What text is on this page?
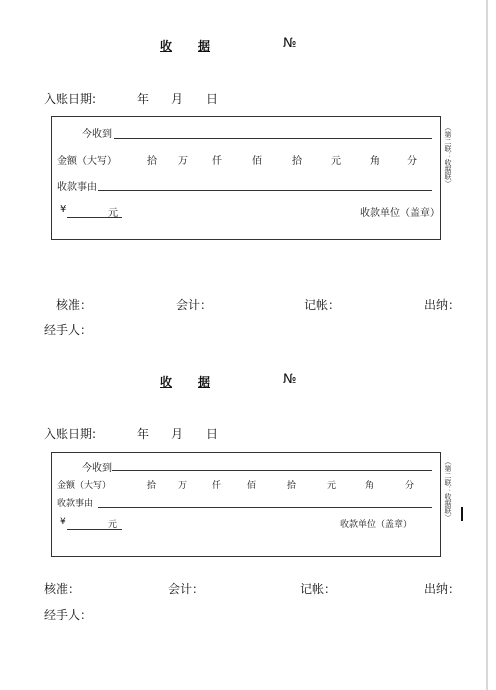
收 据	№
入账日期:	年 月 日
今收到
金额（大写）	拾 万 仟	佰	拾	元	角	分
收款事由
¥	元	收款单位（盖章）
（第二联：收据联）
核准：	会计：	记帐：	出纳：
经手人：
收 据	№
入账日期:	年 月 日
今收到
金额（大写）	拾 万	仟	佰	拾	元	角	分
收款事由
¥	元	收款单位（盖章）
（第二联：收据联）
核准：	会计：	记帐：	出纳：
经手人：
